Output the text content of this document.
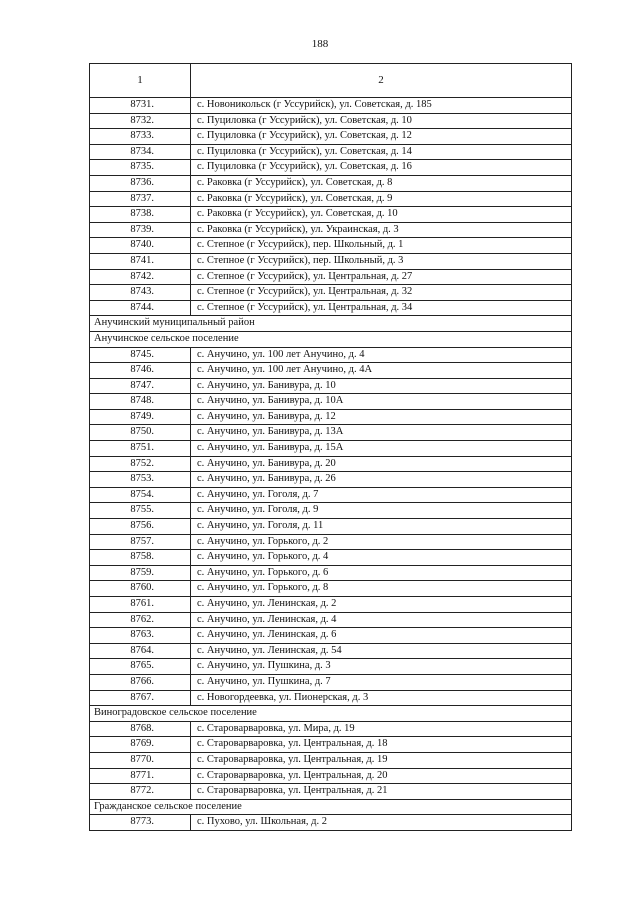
188
1	2
8731.	с. Новоникольск (г Уссурийск), ул. Советская, д. 185
8732.	с. Пуциловка (г Уссурийск), ул. Советская, д. 10
8733.	с. Пуциловка (г Уссурийск), ул. Советская, д. 12
8734.	с. Пуциловка (г Уссурийск), ул. Советская, д. 14
8735.	с. Пуциловка (г Уссурийск), ул. Советская, д. 16
8736.	с. Раковка (г Уссурийск), ул. Советская, д. 8
8737.	с. Раковка (г Уссурийск), ул. Советская, д. 9
8738.	с. Раковка (г Уссурийск), ул. Советская, д. 10
8739.	с. Раковка (г Уссурийск), ул. Украинская, д. 3
8740.	с. Степное (г Уссурийск), пер. Школьный, д. 1
8741.	с. Степное (г Уссурийск), пер. Школьный, д. 3
8742.	с. Степное (г Уссурийск), ул. Центральная, д. 27
8743.	с. Степное (г Уссурийск), ул. Центральная, д. 32
8744.	с. Степное (г Уссурийск), ул. Центральная, д. 34
Анучинский муниципальный район	
Анучинское сельское поселение	
8745.	с. Анучино, ул. 100 лет Анучино, д. 4
8746.	с. Анучино, ул. 100 лет Анучино, д. 4А
8747.	с. Анучино, ул. Банивура, д. 10
8748.	с. Анучино, ул. Банивура, д. 10А
8749.	с. Анучино, ул. Банивура, д. 12
8750.	с. Анучино, ул. Банивура, д. 13А
8751.	с. Анучино, ул. Банивура, д. 15А
8752.	с. Анучино, ул. Банивура, д. 20
8753.	с. Анучино, ул. Банивура, д. 26
8754.	с. Анучино, ул. Гоголя, д. 7
8755.	с. Анучино, ул. Гоголя, д. 9
8756.	с. Анучино, ул. Гоголя, д. 11
8757.	с. Анучино, ул. Горького, д. 2
8758.	с. Анучино, ул. Горького, д. 4
8759.	с. Анучино, ул. Горького, д. 6
8760.	с. Анучино, ул. Горького, д. 8
8761.	с. Анучино, ул. Ленинская, д. 2
8762.	с. Анучино, ул. Ленинская, д. 4
8763.	с. Анучино, ул. Ленинская, д. 6
8764.	с. Анучино, ул. Ленинская, д. 54
8765.	с. Анучино, ул. Пушкина, д. 3
8766.	с. Анучино, ул. Пушкина, д. 7
8767.	с. Новогордеевка, ул. Пионерская, д. 3
Виноградовское сельское поселение	
8768.	с. Староварваровка, ул. Мира, д. 19
8769.	с. Староварваровка, ул. Центральная, д. 18
8770.	с. Староварваровка, ул. Центральная, д. 19
8771.	с. Староварваровка, ул. Центральная, д. 20
8772.	с. Староварваровка, ул. Центральная, д. 21
Гражданское сельское поселение	
8773.	с. Пухово, ул. Школьная, д. 2
